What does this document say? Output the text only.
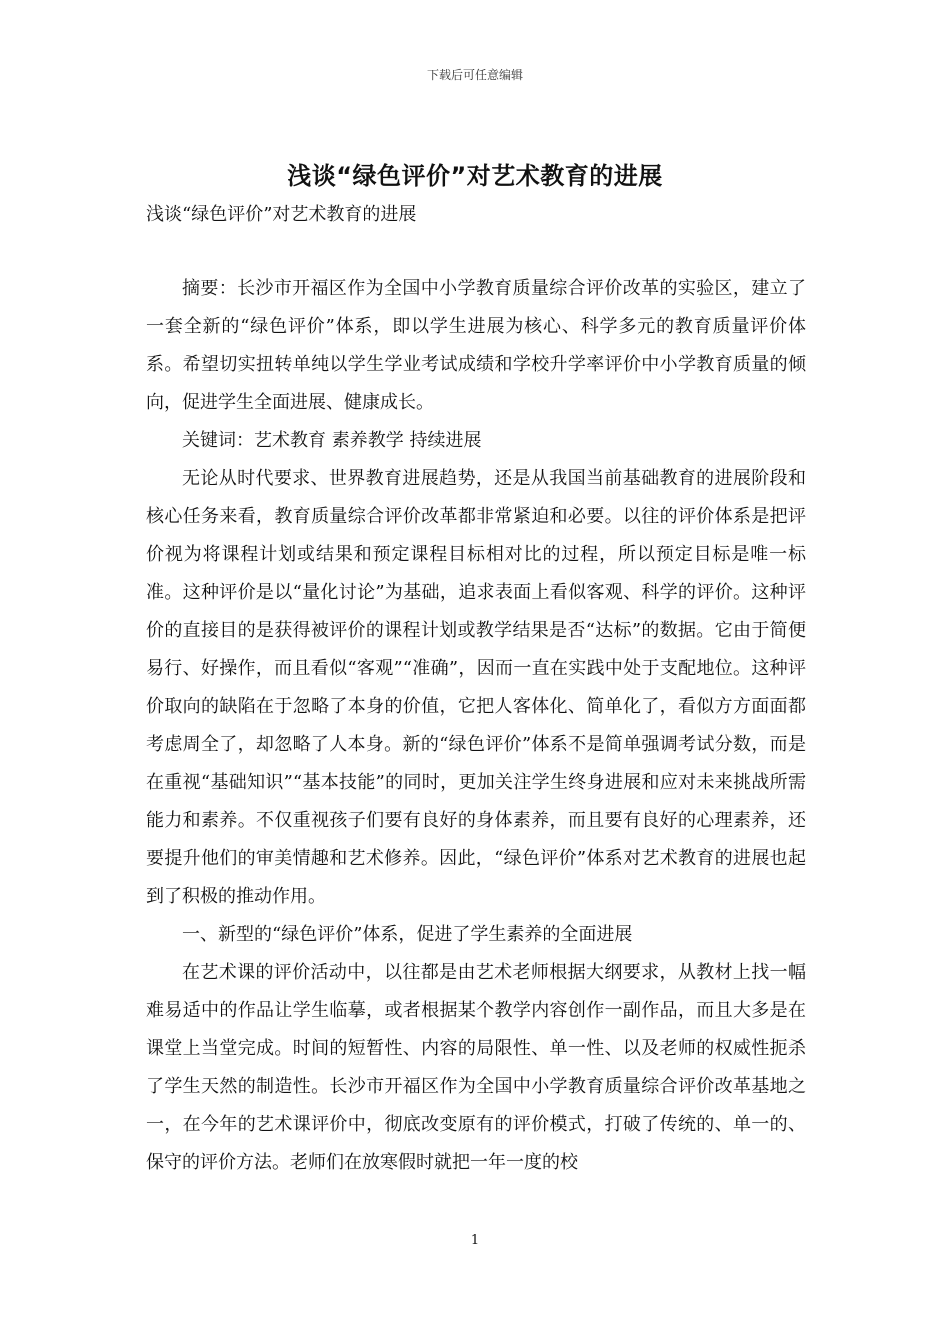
下载后可任意编辑
浅谈“绿色评价”对艺术教育的进展

浅谈“绿色评价”对艺术教育的进展

摘要：长沙市开福区作为全国中小学教育质量综合评价改革的实验区，建立了一套全新的“绿色评价”体系，即以学生进展为核心、科学多元的教育质量评价体系。希望切实扭转单纯以学生学业考试成绩和学校升学率评价中小学教育质量的倾向，促进学生全面进展、健康成长。

关键词：艺术教育 素养教学 持续进展

无论从时代要求、世界教育进展趋势，还是从我国当前基础教育的进展阶段和核心任务来看，教育质量综合评价改革都非常紧迫和必要。以往的评价体系是把评价视为将课程计划或结果和预定课程目标相对比的过程，所以预定目标是唯一标准。这种评价是以“量化讨论”为基础，追求表面上看似客观、科学的评价。这种评价的直接目的是获得被评价的课程计划或教学结果是否“达标”的数据。它由于简便易行、好操作，而且看似“客观”“准确”，因而一直在实践中处于支配地位。这种评价取向的缺陷在于忽略了本身的价值，它把人客体化、简单化了，看似方方面面都考虑周全了，却忽略了人本身。新的“绿色评价”体系不是简单强调考试分数，而是在重视“基础知识”“基本技能”的同时，更加关注学生终身进展和应对未来挑战所需能力和素养。不仅重视孩子们要有良好的身体素养，而且要有良好的心理素养，还要提升他们的审美情趣和艺术修养。因此，“绿色评价”体系对艺术教育的进展也起到了积极的推动作用。

一、新型的“绿色评价”体系，促进了学生素养的全面进展

在艺术课的评价活动中，以往都是由艺术老师根据大纲要求，从教材上找一幅难易适中的作品让学生临摹，或者根据某个教学内容创作一副作品，而且大多是在课堂上当堂完成。时间的短暂性、内容的局限性、单一性、以及老师的权威性扼杀了学生天然的制造性。长沙市开福区作为全国中小学教育质量综合评价改革基地之一，在今年的艺术课评价中，彻底改变原有的评价模式，打破了传统的、单一的、保守的评价方法。老师们在放寒假时就把一年一度的校

1
